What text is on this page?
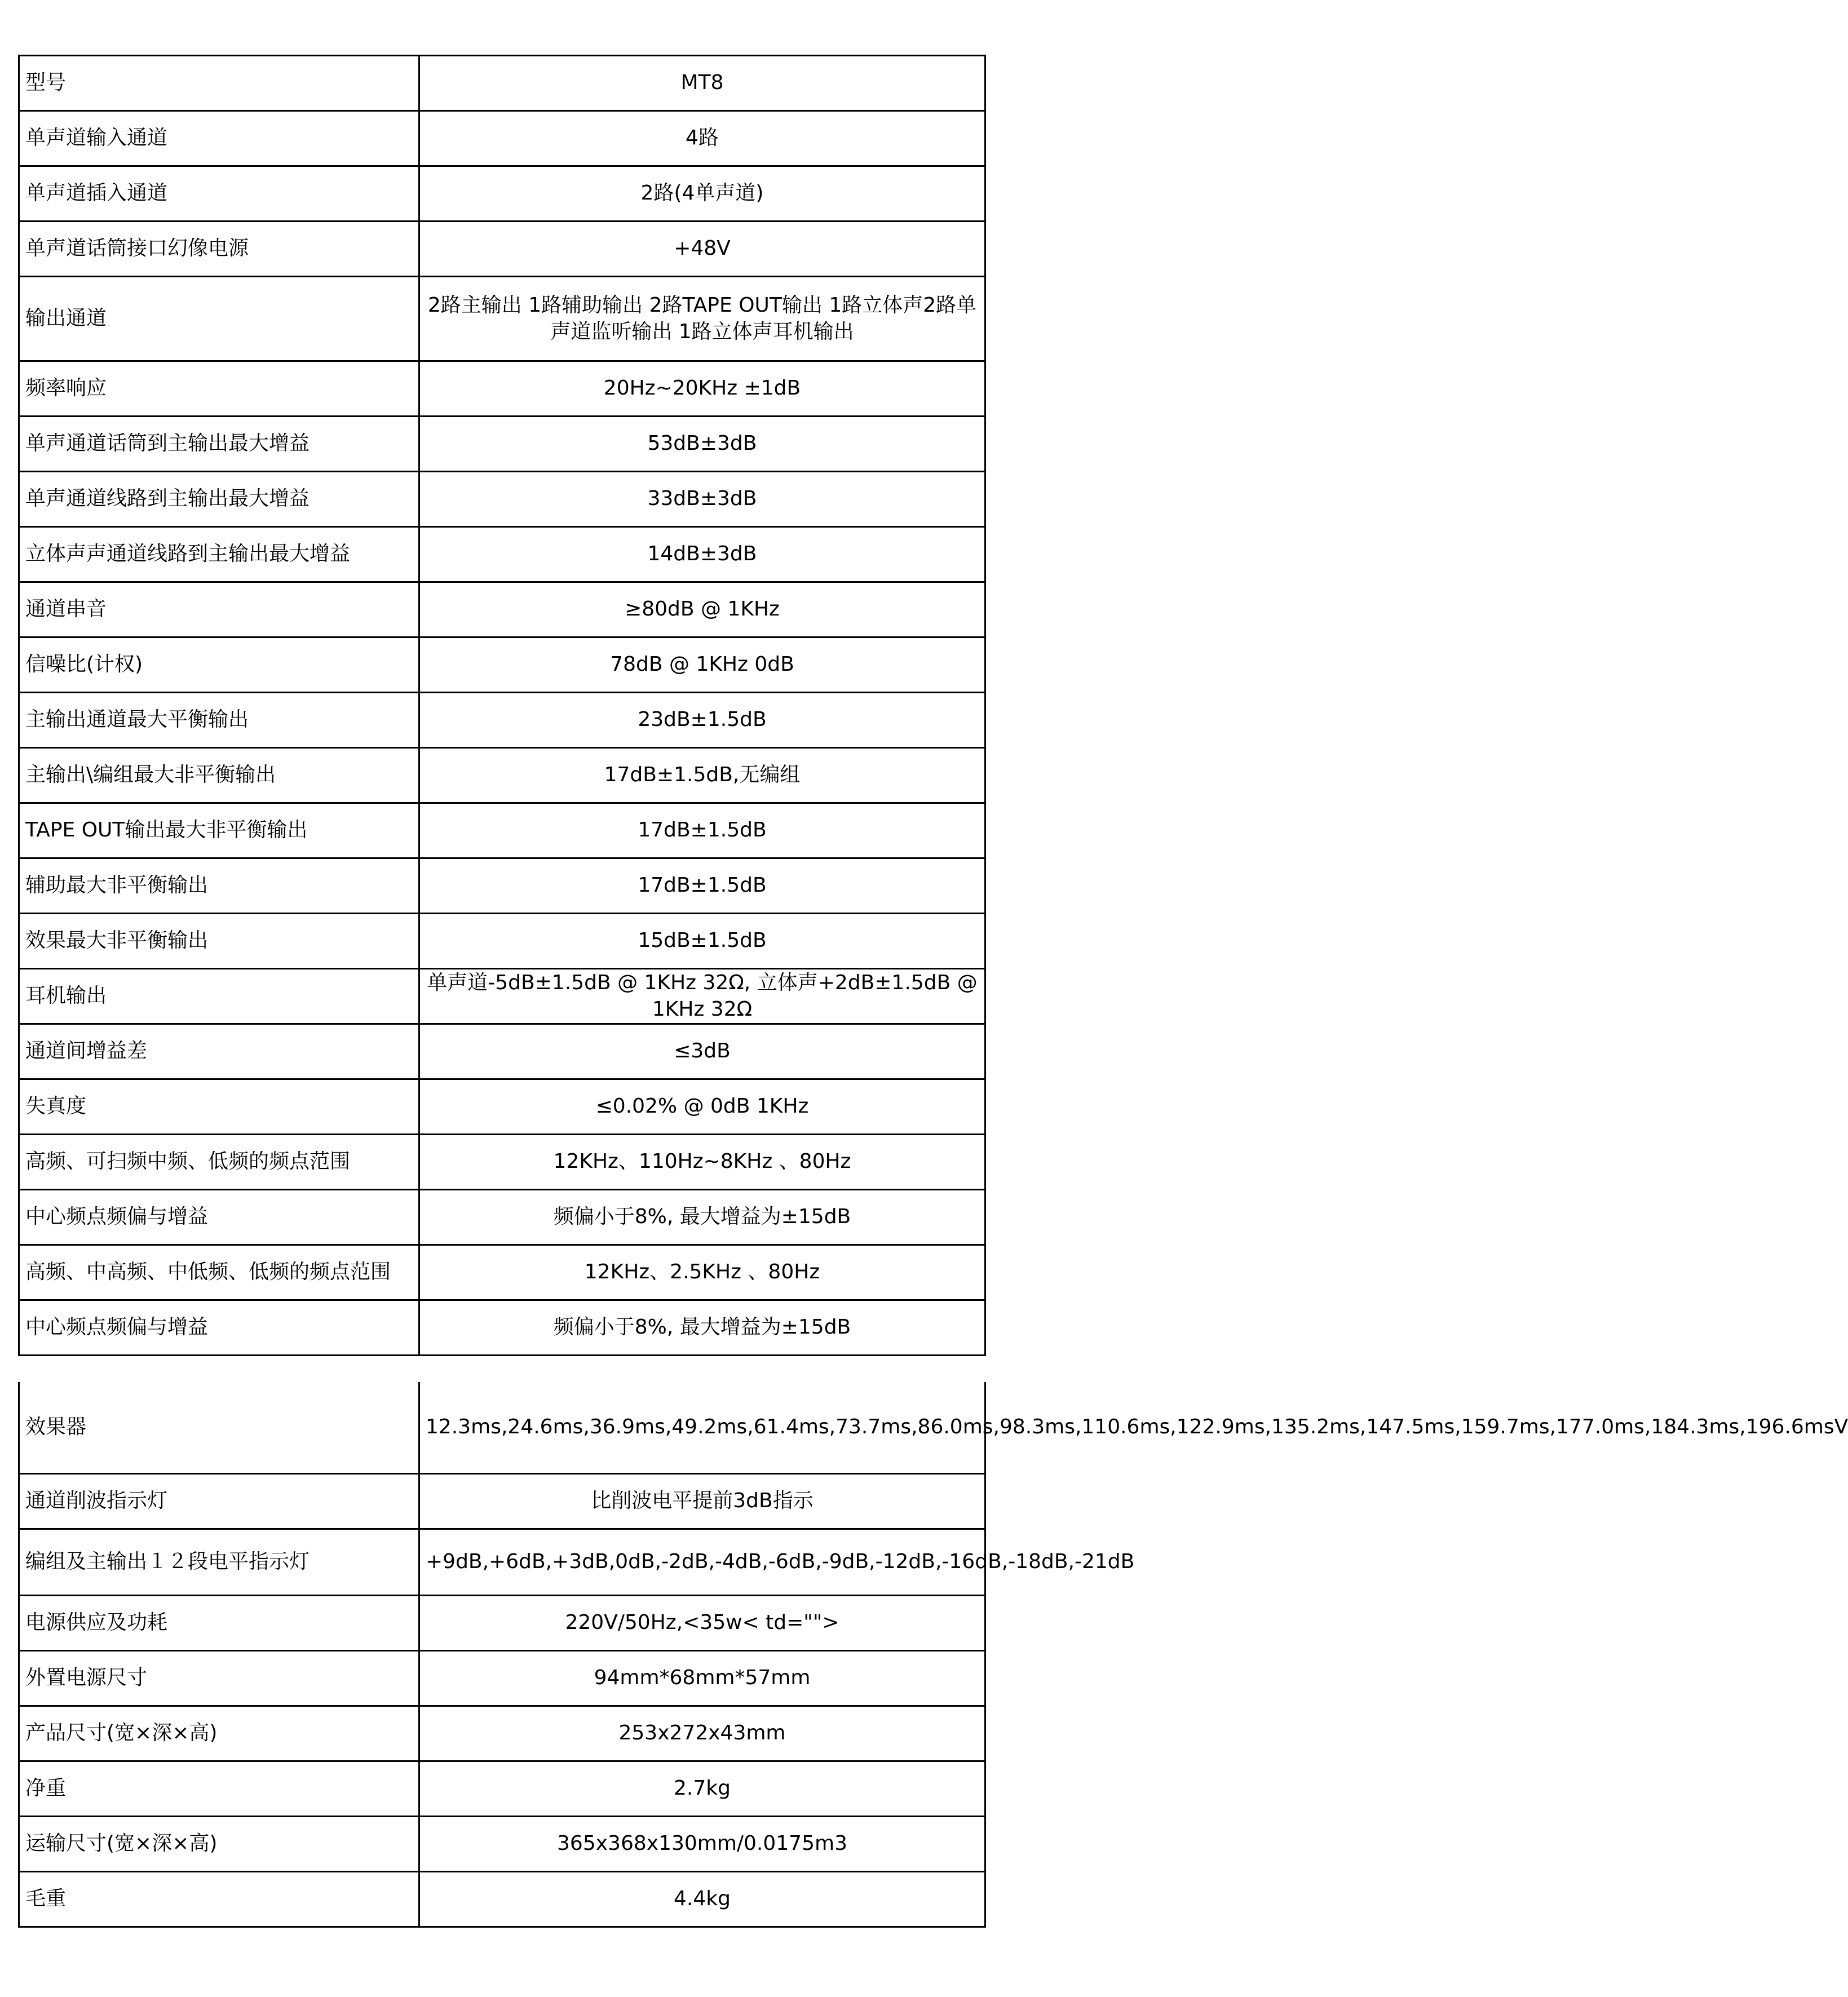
型号	MT8
单声道输入通道	4路
单声道插入通道	2路(4单声道)
单声道话筒接口幻像电源	+48V
输出通道	2路主输出 1路辅助输出 2路TAPE OUT输出 1路立体声2路单声道监听输出 1路立体声耳机输出
频率响应	20Hz~20KHz ±1dB
单声通道话筒到主输出最大增益	53dB±3dB
单声通道线路到主输出最大增益	33dB±3dB
立体声声通道线路到主输出最大增益	14dB±3dB
通道串音	≥80dB @ 1KHz
信噪比(计权)	78dB @ 1KHz 0dB
主输出通道最大平衡输出	23dB±1.5dB
主输出\编组最大非平衡输出	17dB±1.5dB,无编组
TAPE OUT输出最大非平衡输出	17dB±1.5dB
辅助最大非平衡输出	17dB±1.5dB
效果最大非平衡输出	15dB±1.5dB
耳机输出	单声道-5dB±1.5dB @ 1KHz 32Ω, 立体声+2dB±1.5dB @ 1KHz 32Ω
通道间增益差	≤3dB
失真度	≤0.02% @ 0dB 1KHz
高频、可扫频中频、低频的频点范围	12KHz、110Hz~8KHz 、80Hz
中心频点频偏与增益	频偏小于8%, 最大增益为±15dB
高频、中高频、中低频、低频的频点范围	12KHz、2.5KHz 、80Hz
中心频点频偏与增益	频偏小于8%, 最大增益为±15dB
效果器	12.3ms,24.6ms,36.9ms,49.2ms,61.4ms,73.7ms,86.0ms,98.3ms,110.6ms,122.9ms,135.2ms,147.5ms,159.7ms,177.0ms,184.3ms,196.6msV
通道削波指示灯	比削波电平提前3dB指示
编组及主输出１２段电平指示灯	+9dB,+6dB,+3dB,0dB,-2dB,-4dB,-6dB,-9dB,-12dB,-16dB,-18dB,-21dB
电源供应及功耗	220V/50Hz,<35w< td="">
外置电源尺寸	94mm*68mm*57mm
产品尺寸(宽×深×高)	253x272x43mm
净重	2.7kg
运输尺寸(宽×深×高)	365x368x130mm/0.0175m3
毛重	4.4kg
